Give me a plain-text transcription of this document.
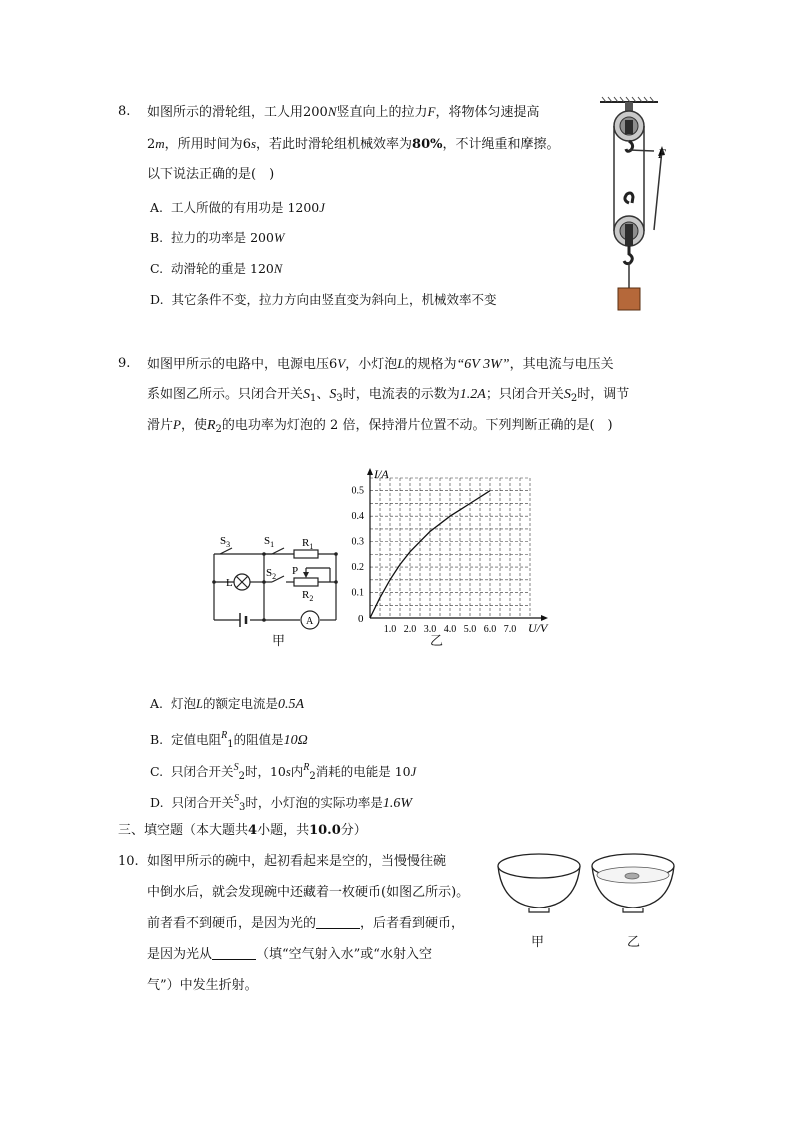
8. 如图所示的滑轮组，工人用200N竖直向上的拉力F，将物体匀速提高
2m，所用时间为6s，若此时滑轮组机械效率为80%，不计绳重和摩擦。
以下说法正确的是(　)
A. 工人所做的有用功是 1200J
B. 拉力的功率是 200W
C. 动滑轮的重是 120N
D. 其它条件不变，拉力方向由竖直变为斜向上，机械效率不变
F
9. 如图甲所示的电路中，电源电压6V，小灯泡L的规格为“6V 3W”，其电流与电压关
系如图乙所示。只闭合开关$S_1$、$S_3$时，电流表的示数为1.2A；只闭合开关$S_2$时，调节
滑片P，使$R_2$的电功率为灯泡的 2 倍，保持滑片位置不动。下列判断正确的是(　)
$S_3$	$S_1$	$R_1$
$S_2$ P
$R_2$
L
A
甲
1.0 2.0 3.0 4.0 5.0 6.0 7.0
0.1
0.2
0.3
0.4
0.5
I/A
U/V
0
乙
A. 灯泡L的额定电流是0.5A
B. 定值电阻$^R_1$的阻值是10Ω
C. 只闭合开关$^S_2$时，10s内$^R_2$消耗的电能是 10J
D. 只闭合开关$^S_3$时，小灯泡的实际功率是1.6W
三、填空题（本大题共4小题，共10.0分）
10. 如图甲所示的碗中，起初看起来是空的，当慢慢往碗
中倒水后，就会发现碗中还藏着一枚硬币(如图乙所示)。
前者看不到硬币，是因为光的	，后者看到硬币，
是因为光从	（填“空气射入水”或“水射入空
气”）中发生折射。
甲	乙
